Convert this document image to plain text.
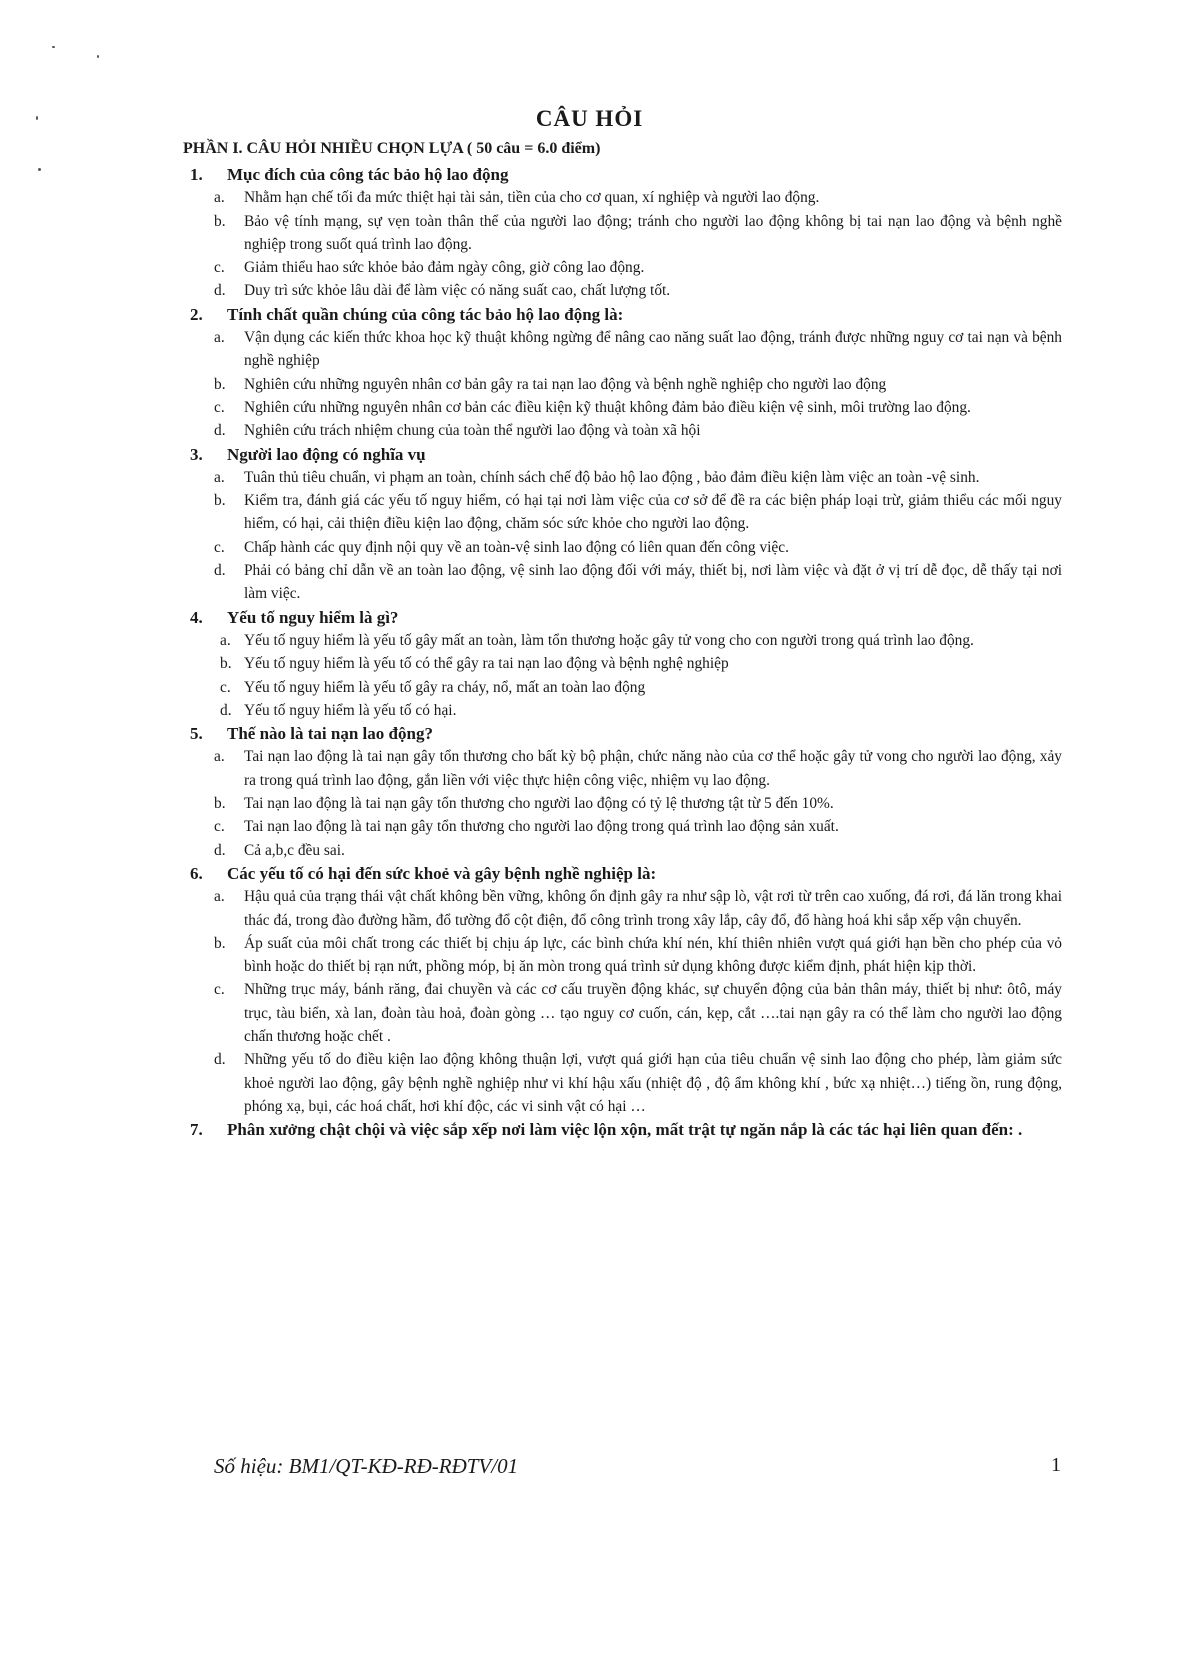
CÂU HỎI
PHẦN I. CÂU HỎI NHIỀU CHỌN LỰA ( 50 câu = 6.0 điểm)
1.	Mục đích của công tác bảo hộ lao động
a.	Nhằm hạn chế tối đa mức thiệt hại tài sản, tiền của cho cơ quan, xí nghiệp và người lao động.
b.	Bảo vệ tính mạng, sự vẹn toàn thân thể của người lao động; tránh cho người lao động không bị tai nạn lao động và bệnh nghề nghiệp trong suốt quá trình lao động.
c.	Giảm thiểu hao sức khỏe bảo đảm ngày công, giờ công lao động.
d.	Duy trì sức khỏe lâu dài để làm việc có năng suất cao, chất lượng tốt.
2.	Tính chất quần chúng của công tác bảo hộ lao động là:
a.	Vận dụng các kiến thức khoa học kỹ thuật không ngừng để nâng cao năng suất lao động, tránh được những nguy cơ tai nạn và bệnh nghề nghiệp
b.	Nghiên cứu những nguyên nhân cơ bản gây ra tai nạn lao động và bệnh nghề nghiệp cho người lao động
c.	Nghiên cứu những nguyên nhân cơ bản các điều kiện kỹ thuật không đảm bảo điều kiện vệ sinh, môi trường lao động.
d.	Nghiên cứu trách nhiệm chung của toàn thể người lao động và toàn xã hội
3.	Người lao động có nghĩa vụ
a.	Tuân thủ tiêu chuẩn, vi phạm an toàn, chính sách chế độ bảo hộ lao động , bảo đảm điều kiện làm việc an toàn -vệ sinh.
b.	Kiểm tra, đánh giá các yếu tố nguy hiểm, có hại tại nơi làm việc của cơ sở để đề ra các biện pháp loại trừ, giảm thiểu các mối nguy hiểm, có hại, cải thiện điều kiện lao động, chăm sóc sức khỏe cho người lao động.
c.	Chấp hành các quy định nội quy về an toàn-vệ sinh lao động có liên quan đến công việc.
d.	Phải có bảng chỉ dẫn về an toàn lao động, vệ sinh lao động đối với máy, thiết bị, nơi làm việc và đặt ở vị trí dễ đọc, dễ thấy tại nơi làm việc.
4.	Yếu tố nguy hiểm là gì?
a. Yếu tố nguy hiểm là yếu tố gây mất an toàn, làm tổn thương hoặc gây tử vong cho con người trong quá trình lao động.
b. Yếu tố nguy hiểm là yếu tố có thể gây ra tai nạn lao động và bệnh nghệ nghiệp
c. Yếu tố nguy hiểm là yếu tố gây ra cháy, nổ, mất an toàn lao động
d. Yếu tố nguy hiểm là yếu tố có hại.
5.	Thế nào là tai nạn lao động?
a.	Tai nạn lao động là tai nạn gây tổn thương cho bất kỳ bộ phận, chức năng nào của cơ thể hoặc gây tử vong cho người lao động, xảy ra trong quá trình lao động, gắn liền với việc thực hiện công việc, nhiệm vụ lao động.
b.	Tai nạn lao động là tai nạn gây tổn thương cho người lao động có tỷ lệ thương tật từ 5 đến 10%.
c.	Tai nạn lao động là tai nạn gây tổn thương cho người lao động trong quá trình lao động sản xuất.
d.	Cả a,b,c đều sai.
6.	Các yếu tố có hại đến sức khoẻ và gây bệnh nghề nghiệp là:
a.	Hậu quả của trạng thái vật chất không bền vững, không ổn định gây ra như sập lò, vật rơi từ trên cao xuống, đá rơi, đá lăn trong khai thác đá, trong đào đường hầm, đổ tường đổ cột điện, đổ công trình trong xây lắp, cây đổ, đổ hàng hoá khi sắp xếp vận chuyển.
b.	Áp suất của môi chất trong các thiết bị chịu áp lực, các bình chứa khí nén, khí thiên nhiên vượt quá giới hạn bền cho phép của vỏ bình hoặc do thiết bị rạn nứt, phồng móp, bị ăn mòn trong quá trình sử dụng không được kiểm định, phát hiện kịp thời.
c.	Những trục máy, bánh răng, đai chuyền và các cơ cấu truyền động khác, sự chuyển động của bản thân máy, thiết bị như: ôtô, máy trục, tàu biển, xà lan, đoàn tàu hoả, đoàn gòng … tạo nguy cơ cuốn, cán, kẹp, cắt ….tai nạn gây ra có thể làm cho người lao động chấn thương hoặc chết .
d.	Những yếu tố do điều kiện lao động không thuận lợi, vượt quá giới hạn của tiêu chuẩn vệ sinh lao động cho phép, làm giảm sức khoẻ người lao động, gây bệnh nghề nghiệp như vi khí hậu xấu (nhiệt độ , độ ẩm không khí , bức xạ nhiệt…) tiếng ồn, rung động, phóng xạ, bụi, các hoá chất, hơi khí độc, các vi sinh vật có hại …
7.	Phân xưởng chật chội và việc sắp xếp nơi làm việc lộn xộn, mất trật tự ngăn nắp là các tác hại liên quan đến: .
Số hiệu: BM1/QT-KĐ-RĐ-RĐTV/01	1
